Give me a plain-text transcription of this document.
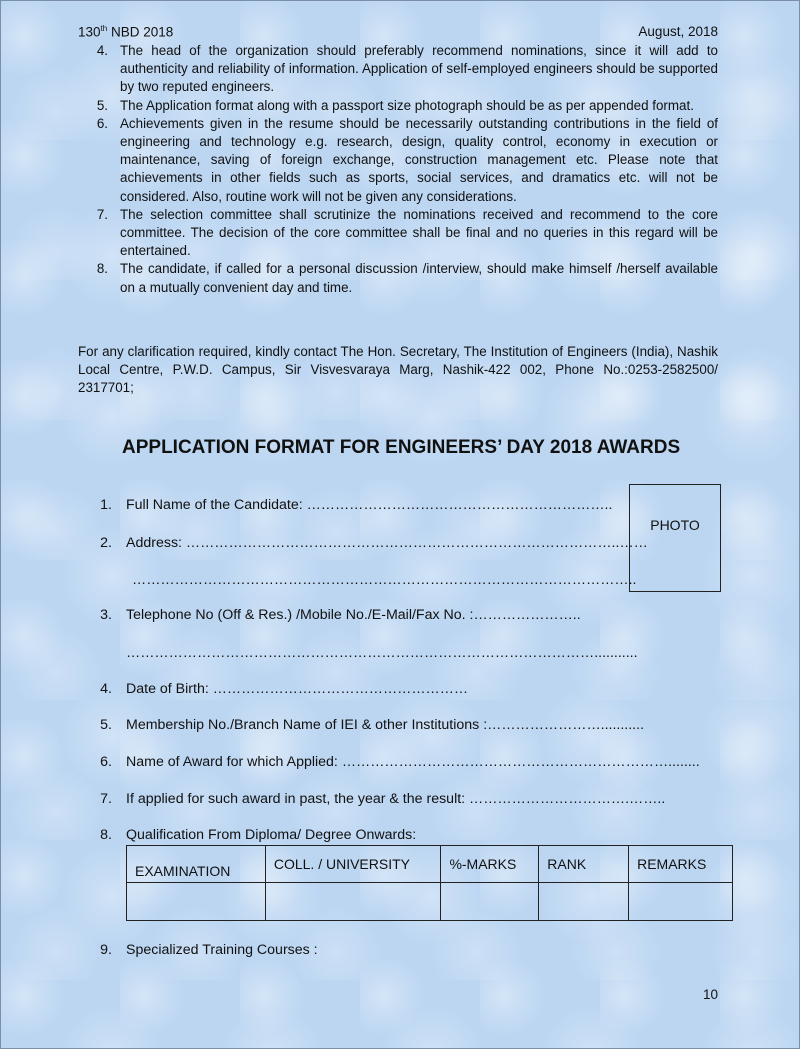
130th NBD 2018	August, 2018
4. The head of the organization should preferably recommend nominations, since it will add to authenticity and reliability of information. Application of self-employed engineers should be supported by two reputed engineers.
5. The Application format along with a passport size photograph should be as per appended format.
6. Achievements given in the resume should be necessarily outstanding contributions in the field of engineering and technology e.g. research, design, quality control, economy in execution or maintenance, saving of foreign exchange, construction management etc. Please note that achievements in other fields such as sports, social services, and dramatics etc. will not be considered. Also, routine work will not be given any considerations.
7. The selection committee shall scrutinize the nominations received and recommend to the core committee. The decision of the core committee shall be final and no queries in this regard will be entertained.
8. The candidate, if called for a personal discussion /interview, should make himself /herself available on a mutually convenient day and time.
For any clarification required, kindly contact The Hon. Secretary, The Institution of Engineers (India), Nashik Local Centre, P.W.D. Campus, Sir Visvesvaraya Marg, Nashik-422 002, Phone No.:0253-2582500/ 2317701;
APPLICATION FORMAT FOR ENGINEERS’ DAY 2018 AWARDS
PHOTO
1. Full Name of the Candidate: ………………………………………………………..
2. Address: ………………………………………………………………………………..……
……………………………………………………………………………………………..
3. Telephone No (Off & Res.) /Mobile No./E-Mail/Fax No. :…………………..
………………………………………………………………………………………...........
4. Date of Birth: ………………………………………………
5. Membership No./Branch Name of IEI & other Institutions :……………………...........
6. Name of Award for which Applied: ……………………………………………………………........
7. If applied for such award in past, the year & the result: …………………………….……..
8. Qualification From Diploma/ Degree Onwards:
EXAMINATION	COLL. / UNIVERSITY	%-MARKS	RANK	REMARKS

9. Specialized Training Courses :
10
